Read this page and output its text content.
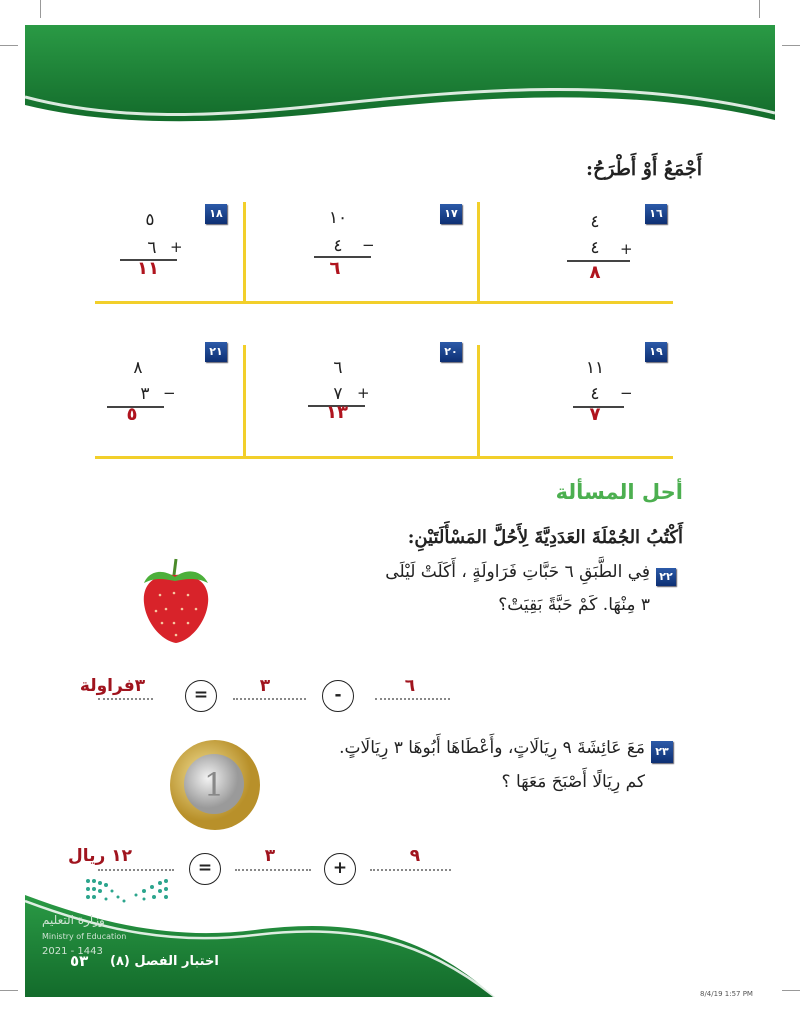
أَجْمَعُ أَوْ أَطْرَحُ:
١٦
٤
٤	+
٨
١٧
١٠
٤	−
٦
١٨
٥
٦ +
١١
١٩
١١
٤	−
٧
٢٠
٦
٧ +
١٣
٢١
٨
٣ −
٥
أحل المسألة
أَكْتُبُ الجُمْلَةَ العَدَدِيَّةَ لِأَحُلَّ المَسْأَلَتَيْنِ:
٢٢
فِي الطَّبَقِ ٦ حَبَّاتِ فَرَاولَةٍ ، أَكَلَتْ لَيْلَى
٣ مِنْهَا. كَمْ حَبَّةً بَقِيَتْ؟
٦
-
٣
=
٣فراولة
٢٣
مَعَ عَائِشَةَ ٩ رِيَالَاتٍ، وأَعْطَاهَا أَبُوهَا ٣ رِيَالَاتٍ.
كم رِيَالًا أَصْبَحَ مَعَهَا ؟
1
٩
+
٣
=
١٢ ريال
وزارة التعليم
Ministry of Education
2021 - 1443
٥٣ اختبار الفصل (٨)
8/4/19 1:57 PM
